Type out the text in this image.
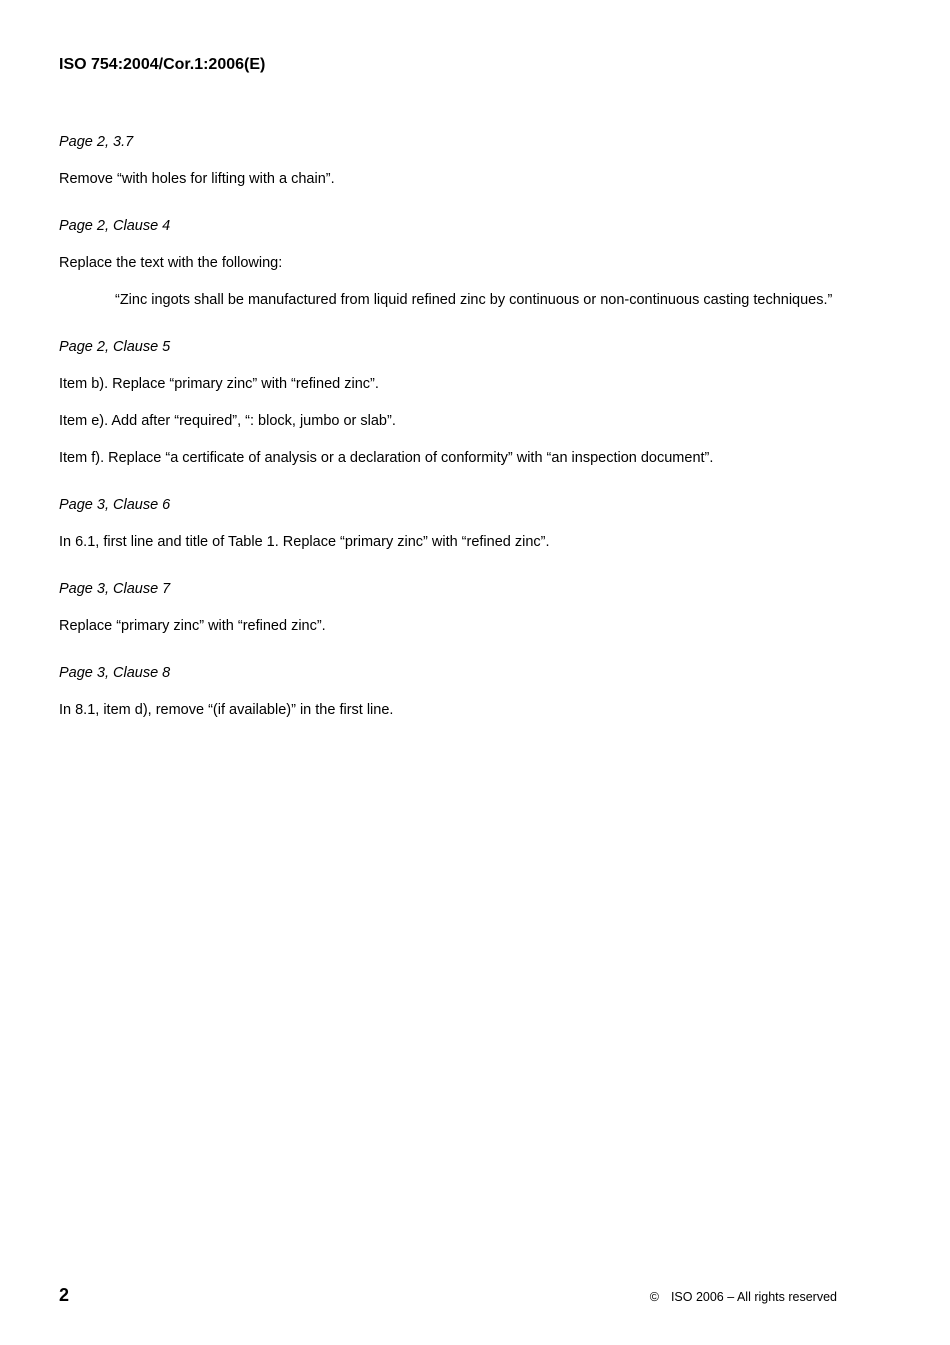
ISO 754:2004/Cor.1:2006(E)
Page 2, 3.7
Remove “with holes for lifting with a chain”.
Page 2, Clause 4
Replace the text with the following:
“Zinc ingots shall be manufactured from liquid refined zinc by continuous or non-continuous casting techniques.”
Page 2, Clause 5
Item b). Replace “primary zinc” with “refined zinc”.
Item e). Add after “required”, “: block, jumbo or slab”.
Item f). Replace “a certificate of analysis or a declaration of conformity” with “an inspection document”.
Page 3, Clause 6
In 6.1, first line and title of Table 1. Replace “primary zinc” with “refined zinc”.
Page 3, Clause 7
Replace “primary zinc” with “refined zinc”.
Page 3, Clause 8
In 8.1, item d), remove “(if available)” in the first line.
2	© ISO 2006 – All rights reserved
